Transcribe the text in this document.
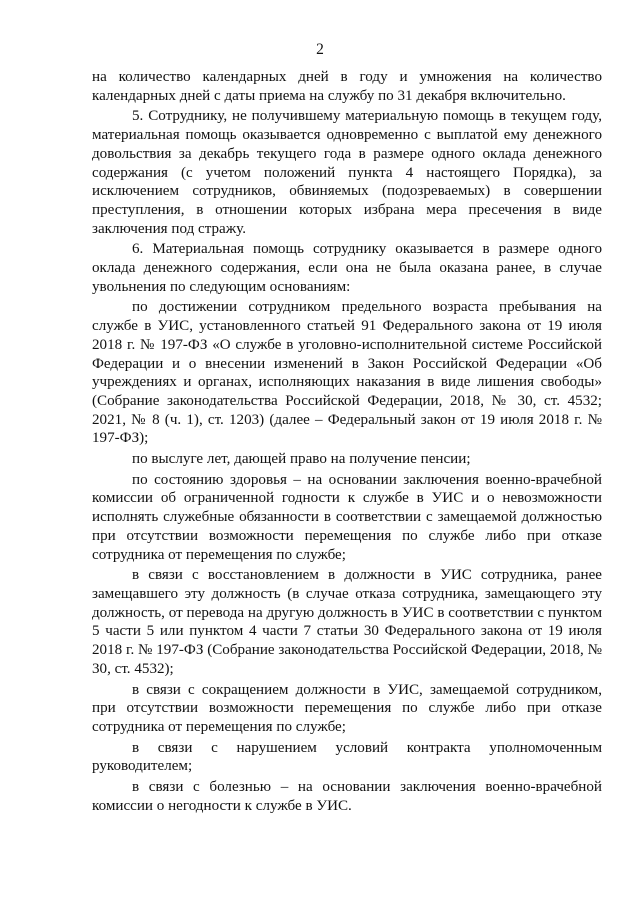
2

на количество календарных дней в году и умножения на количество календарных дней с даты приема на службу по 31 декабря включительно.

5. Сотруднику, не получившему материальную помощь в текущем году, материальная помощь оказывается одновременно с выплатой ему денежного довольствия за декабрь текущего года в размере одного оклада денежного содержания (с учетом положений пункта 4 настоящего Порядка), за исключением сотрудников, обвиняемых (подозреваемых) в совершении преступления, в отношении которых избрана мера пресечения в виде заключения под стражу.

6. Материальная помощь сотруднику оказывается в размере одного оклада денежного содержания, если она не была оказана ранее, в случае увольнения по следующим основаниям:

по достижении сотрудником предельного возраста пребывания на службе в УИС, установленного статьей 91 Федерального закона от 19 июля 2018 г. № 197-ФЗ «О службе в уголовно-исполнительной системе Российской Федерации и о внесении изменений в Закон Российской Федерации «Об учреждениях и органах, исполняющих наказания в виде лишения свободы» (Собрание законодательства Российской Федерации, 2018, № 30, ст. 4532; 2021, № 8 (ч. 1), ст. 1203) (далее – Федеральный закон от 19 июля 2018 г. № 197-ФЗ);

по выслуге лет, дающей право на получение пенсии;

по состоянию здоровья – на основании заключения военно-врачебной комиссии об ограниченной годности к службе в УИС и о невозможности исполнять служебные обязанности в соответствии с замещаемой должностью при отсутствии возможности перемещения по службе либо при отказе сотрудника от перемещения по службе;

в связи с восстановлением в должности в УИС сотрудника, ранее замещавшего эту должность (в случае отказа сотрудника, замещающего эту должность, от перевода на другую должность в УИС в соответствии с пунктом 5 части 5 или пунктом 4 части 7 статьи 30 Федерального закона от 19 июля 2018 г. № 197-ФЗ (Собрание законодательства Российской Федерации, 2018, № 30, ст. 4532);

в связи с сокращением должности в УИС, замещаемой сотрудником, при отсутствии возможности перемещения по службе либо при отказе сотрудника от перемещения по службе;

в связи с нарушением условий контракта уполномоченным руководителем;

в связи с болезнью – на основании заключения военно-врачебной комиссии о негодности к службе в УИС.
